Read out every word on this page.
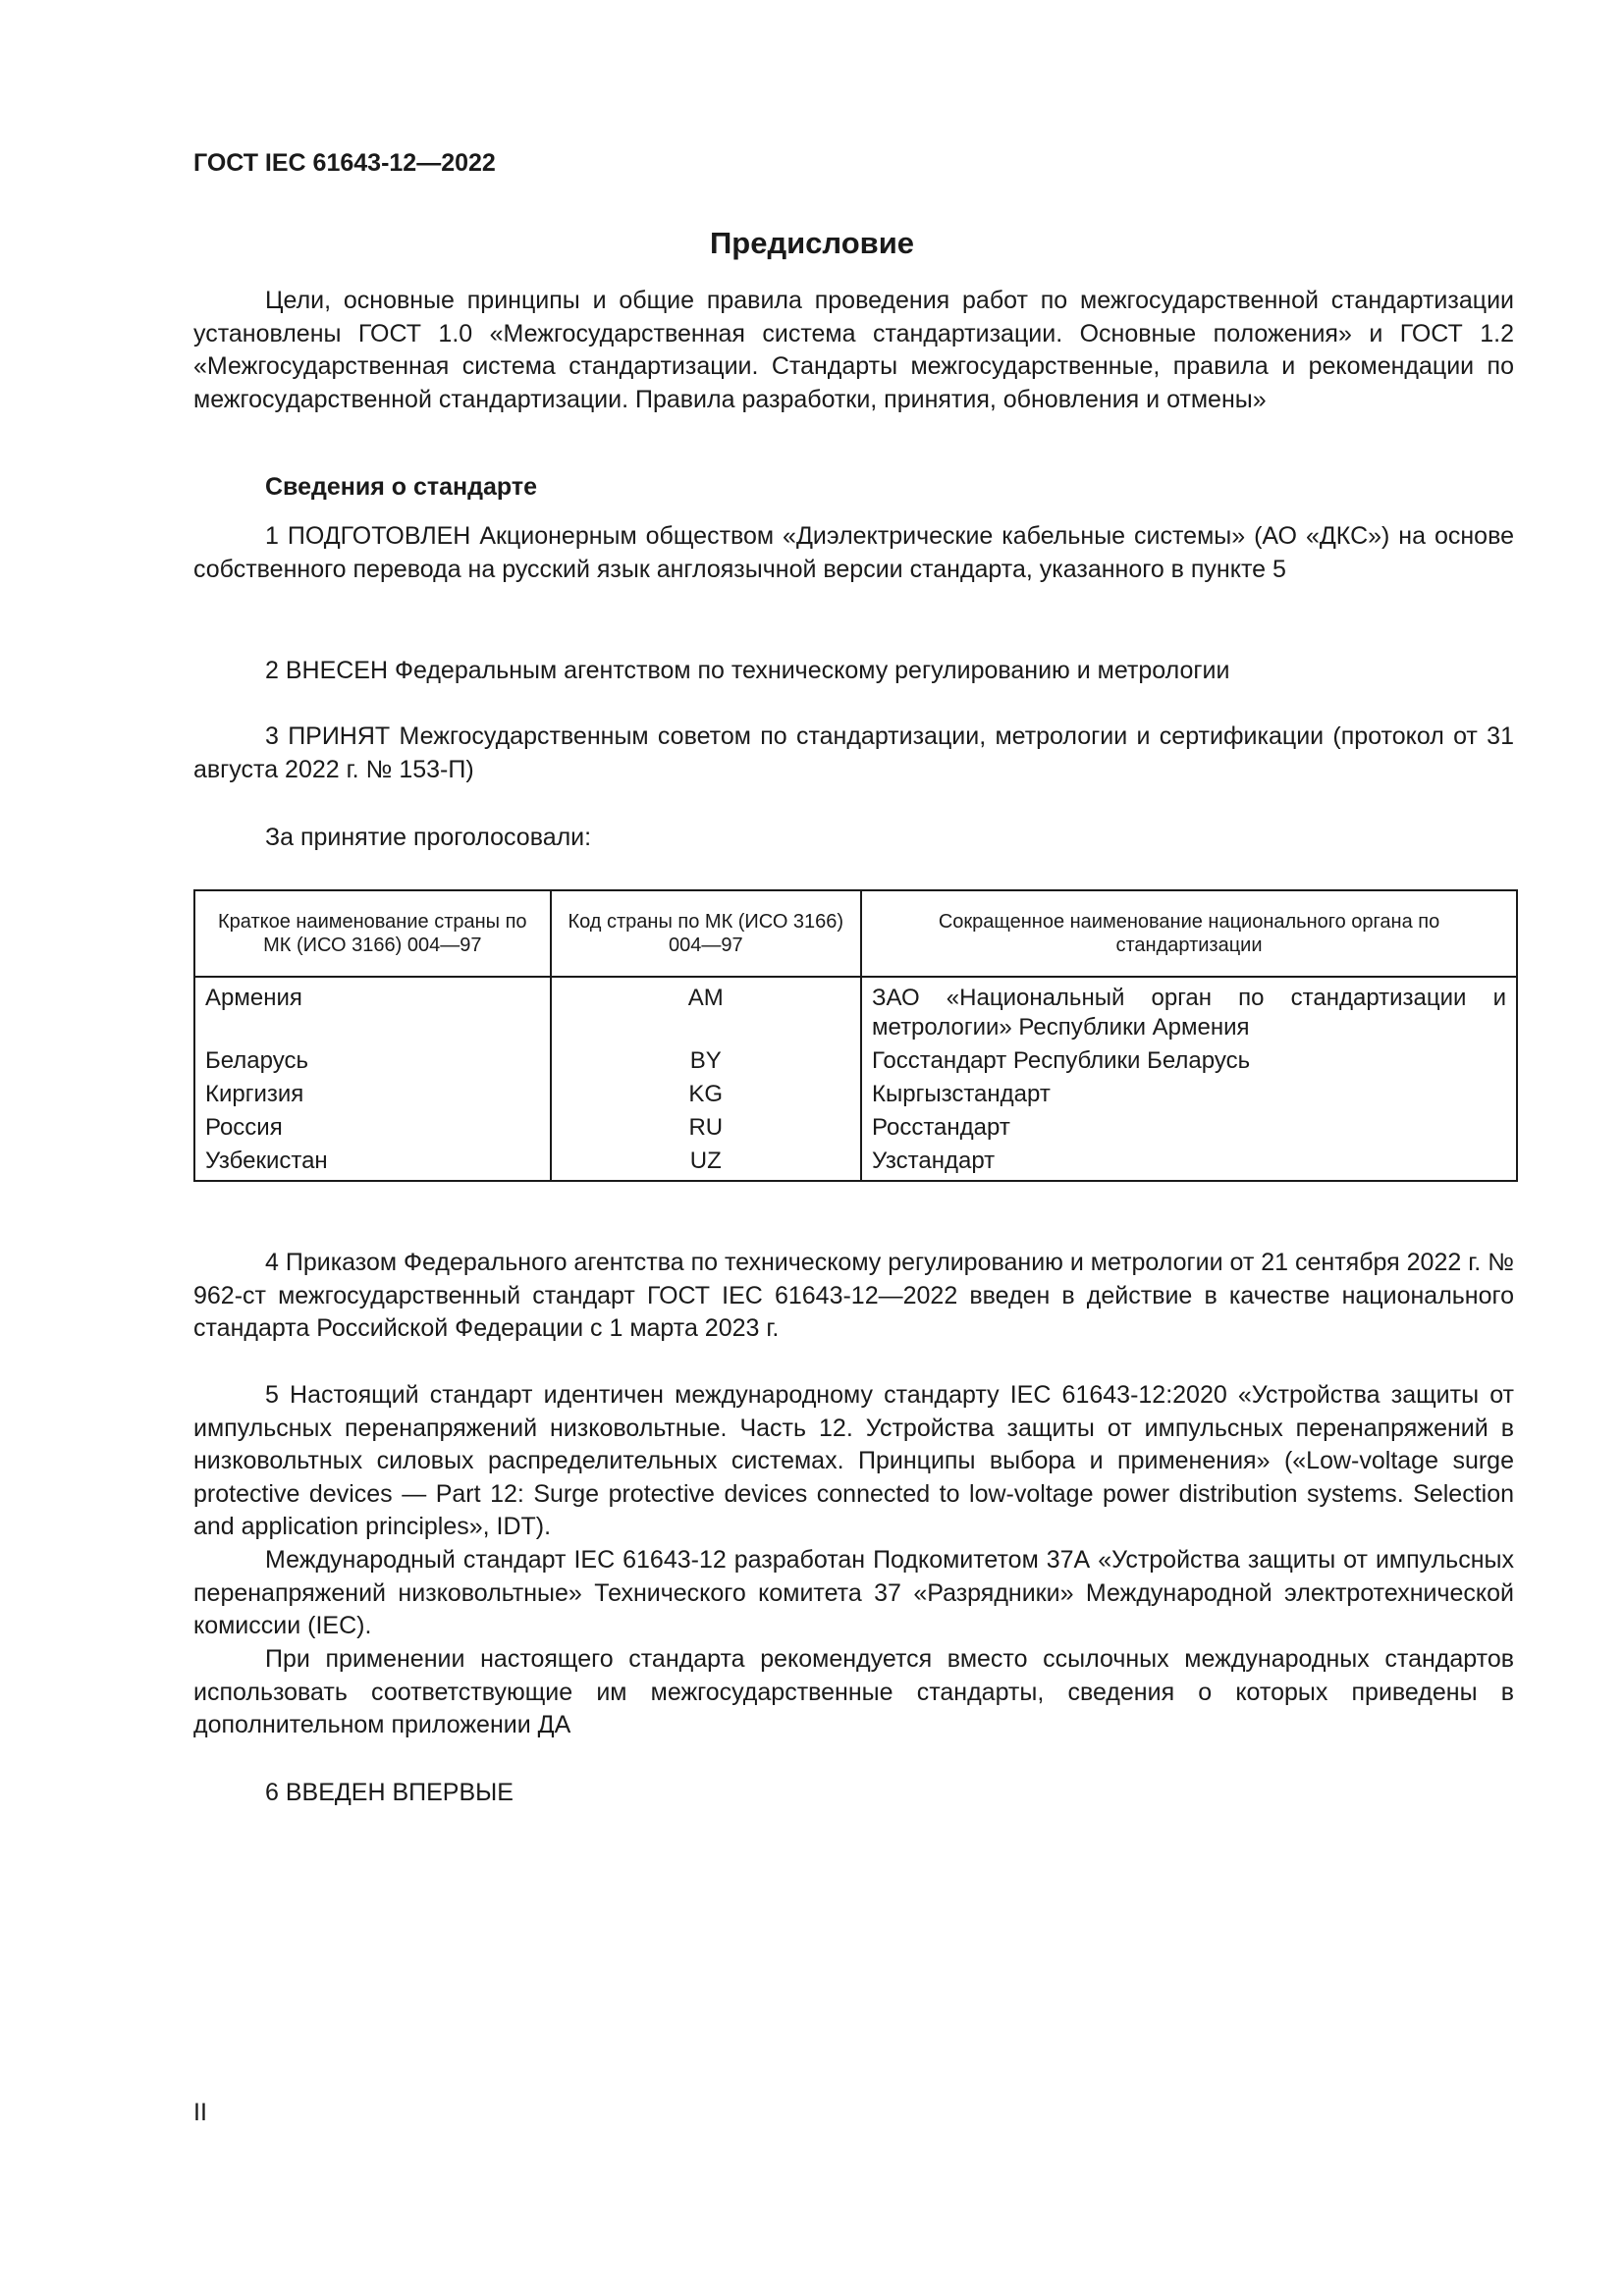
ГОСТ IEC 61643-12—2022
Предисловие
Цели, основные принципы и общие правила проведения работ по межгосударственной стандартизации установлены ГОСТ 1.0 «Межгосударственная система стандартизации. Основные положения» и ГОСТ 1.2 «Межгосударственная система стандартизации. Стандарты межгосударственные, правила и рекомендации по межгосударственной стандартизации. Правила разработки, принятия, обновления и отмены»
Сведения о стандарте
1 ПОДГОТОВЛЕН Акционерным обществом «Диэлектрические кабельные системы» (АО «ДКС») на основе собственного перевода на русский язык англоязычной версии стандарта, указанного в пункте 5
2 ВНЕСЕН Федеральным агентством по техническому регулированию и метрологии
3 ПРИНЯТ Межгосударственным советом по стандартизации, метрологии и сертификации (протокол от 31 августа 2022 г. № 153-П)
За принятие проголосовали:
Краткое наименование страны по МК (ИСО 3166) 004—97	Код страны по МК (ИСО 3166) 004—97	Сокращенное наименование национального органа по стандартизации
Армения	AM	ЗАО «Национальный орган по стандартизации и метрологии» Республики Армения
Беларусь	BY	Госстандарт Республики Беларусь
Киргизия	KG	Кыргызстандарт
Россия	RU	Росстандарт
Узбекистан	UZ	Узстандарт
4 Приказом Федерального агентства по техническому регулированию и метрологии от 21 сентября 2022 г. № 962-ст межгосударственный стандарт ГОСТ IEC 61643-12—2022 введен в действие в качестве национального стандарта Российской Федерации с 1 марта 2023 г.
5 Настоящий стандарт идентичен международному стандарту IEC 61643-12:2020 «Устройства защиты от импульсных перенапряжений низковольтные. Часть 12. Устройства защиты от импульсных перенапряжений в низковольтных силовых распределительных системах. Принципы выбора и применения» («Low-voltage surge protective devices — Part 12: Surge protective devices connected to low-voltage power distribution systems. Selection and application principles», IDT).
Международный стандарт IEC 61643-12 разработан Подкомитетом 37А «Устройства защиты от импульсных перенапряжений низковольтные» Технического комитета 37 «Разрядники» Международной электротехнической комиссии (IEC).
При применении настоящего стандарта рекомендуется вместо ссылочных международных стандартов использовать соответствующие им межгосударственные стандарты, сведения о которых приведены в дополнительном приложении ДА
6 ВВЕДЕН ВПЕРВЫЕ
II
